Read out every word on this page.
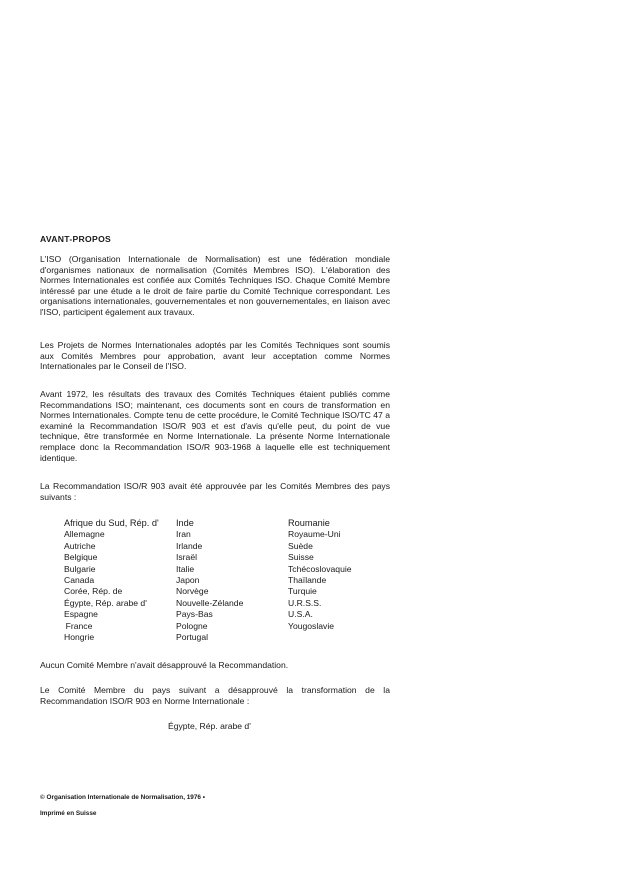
AVANT-PROPOS
L'ISO (Organisation Internationale de Normalisation) est une fédération mondiale d'organismes nationaux de normalisation (Comités Membres ISO). L'élaboration des Normes Internationales est confiée aux Comités Techniques ISO. Chaque Comité Membre intéressé par une étude a le droit de faire partie du Comité Technique correspondant. Les organisations internationales, gouvernementales et non gouvernementales, en liaison avec l'ISO, participent également aux travaux.
Les Projets de Normes Internationales adoptés par les Comités Techniques sont soumis aux Comités Membres pour approbation, avant leur acceptation comme Normes Internationales par le Conseil de l'ISO.
Avant 1972, les résultats des travaux des Comités Techniques étaient publiés comme Recommandations ISO; maintenant, ces documents sont en cours de transformation en Normes Internationales. Compte tenu de cette procédure, le Comité Technique ISO/TC 47 a examiné la Recommandation ISO/R 903 et est d'avis qu'elle peut, du point de vue technique, être transformée en Norme Internationale. La présente Norme Internationale remplace donc la Recommandation ISO/R 903-1968 à laquelle elle est techniquement identique.
La Recommandation ISO/R 903 avait été approuvée par les Comités Membres des pays suivants :
Afrique du Sud, Rép. d'
Allemagne
Autriche
Belgique
Bulgarie
Canada
Corée, Rép. de
Égypte, Rép. arabe d'
Espagne
France
Hongrie
Inde
Iran
Irlande
Israël
Italie
Japon
Norvège
Nouvelle-Zélande
Pays-Bas
Pologne
Portugal
Roumanie
Royaume-Uni
Suède
Suisse
Tchécoslovaquie
Thaïlande
Turquie
U.R.S.S.
U.S.A.
Yougoslavie
Aucun Comité Membre n'avait désapprouvé la Recommandation.
Le Comité Membre du pays suivant a désapprouvé la transformation de la Recommandation ISO/R 903 en Norme Internationale :
Égypte, Rép. arabe d'
© Organisation Internationale de Normalisation, 1976 •
Imprimé en Suisse
